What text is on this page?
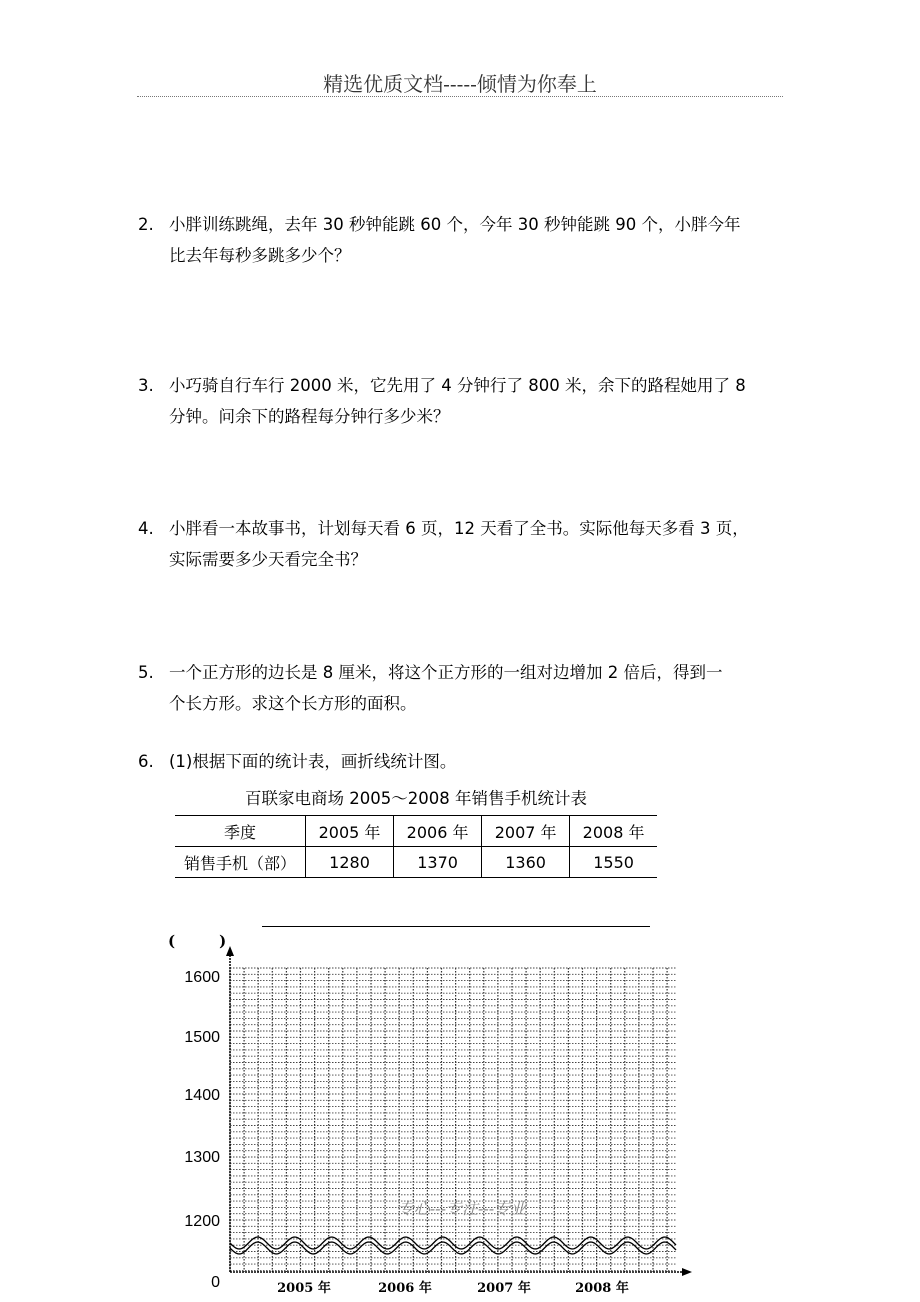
精选优质文档-----倾情为你奉上
2. 小胖训练跳绳，去年 30 秒钟能跳 60 个，今年 30 秒钟能跳 90 个，小胖今年
比去年每秒多跳多少个？
3. 小巧骑自行车行 2000 米，它先用了 4 分钟行了 800 米，余下的路程她用了 8
分钟。问余下的路程每分钟行多少米？
4. 小胖看一本故事书，计划每天看 6 页，12 天看了全书。实际他每天多看 3 页，
实际需要多少天看完全书？
5. 一个正方形的边长是 8 厘米，将这个正方形的一组对边增加 2 倍后，得到一
个长方形。求这个长方形的面积。
6. (1)根据下面的统计表，画折线统计图。
百联家电商场 2005～2008 年销售手机统计表
季度	2005 年	2006 年	2007 年	2008 年
销售手机（部）	1280	1370	1360	1550
(	)
1600
1500
1400
1300
1200
0	2005 年	2006 年	2007 年	2008 年
专心---专注---专业
